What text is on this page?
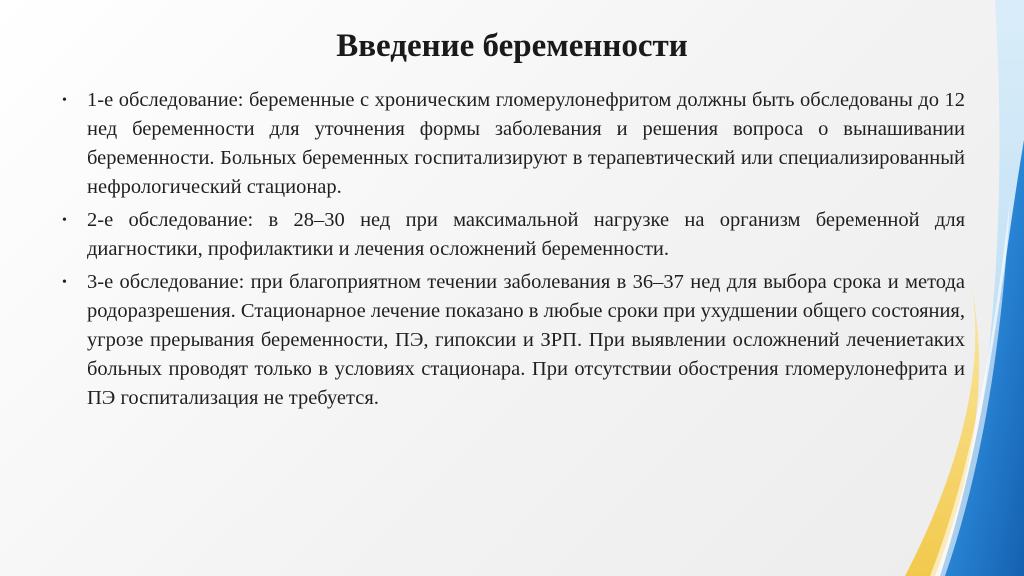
Введение беременности
• 1-е обследование: беременные с хроническим гломерулонефритом должны быть обследованы до 12 нед беременности для уточнения формы заболевания и решения вопроса о вынашивании беременности. Больных беременных госпитализируют в терапевтический или специализированный нефрологический стационар.
• 2-е обследование: в 28–30 нед при максимальной нагрузке на организм беременной для диагностики, профилактики и лечения осложнений беременности.
• 3-е обследование: при благоприятном течении заболевания в 36–37 нед для выбора срока и метода родоразрешения. Стационарное лечение показано в любые сроки при ухудшении общего состояния, угрозе прерывания беременности, ПЭ, гипоксии и ЗРП. При выявлении осложнений лечениетаких больных проводят только в условиях стационара. При отсутствии обострения гломерулонефрита и ПЭ госпитализация не требуется.
